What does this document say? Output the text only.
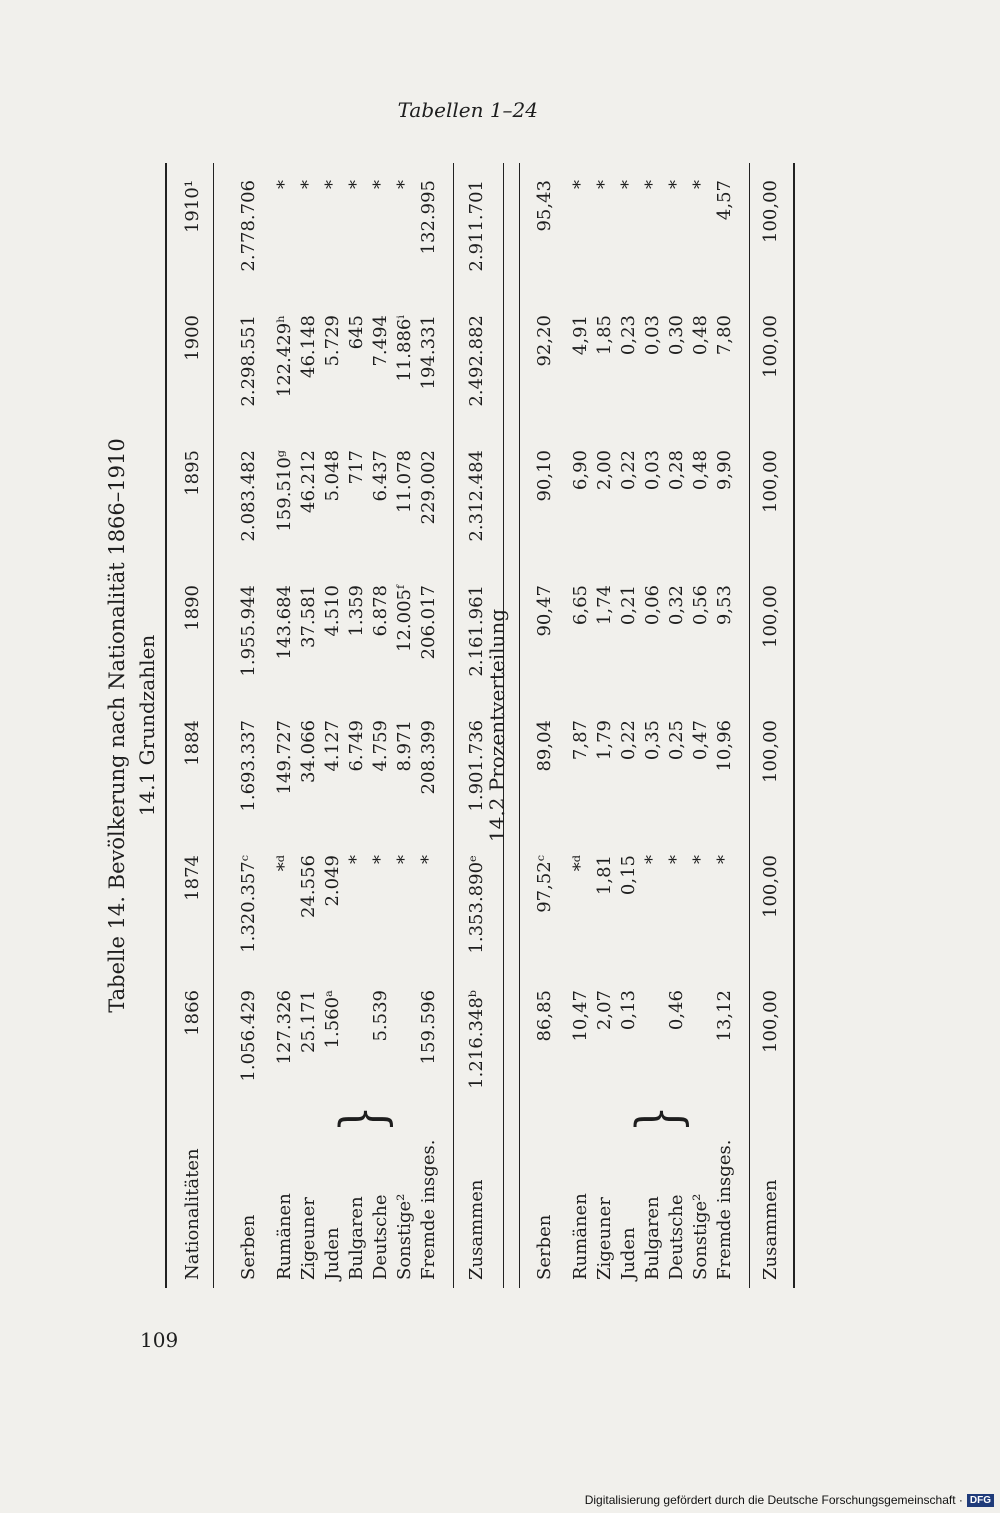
Tabellen 1–24
Tabelle 14. Bevölkerung nach Nationalität 1866–1910
Nationalitäten
1866
1874
1884
1890
1895
1900
1910¹
Serben
1.056.429
1.320.357ᶜ
1.693.337
1.955.944
2.083.482
2.298.551
2.778.706
Rumänen
127.326
*ᵈ
149.727
143.684
159.510ᵍ
122.429ʰ
*
Zigeuner
25.171
24.556
34.066
37.581
46.212
46.148
*
Juden
1.560ᵃ
2.049
4.127
4.510
5.048
5.729
*
Bulgaren
*
6.749
1.359
717
645
*
Deutsche
5.539
*
4.759
6.878
6.437
7.494
*
Sonstige²
*
8.971
12.005ᶠ
11.078
11.886ⁱ
*
Fremde insges.
159.596
*
208.399
206.017
229.002
194.331
132.995
Zusammen
1.216.348ᵇ
1.353.890ᵉ
1.901.736
2.161.961
2.312.484
2.492.882
2.911.701
Serben
86,85
97,52ᶜ
89,04
90,47
90,10
92,20
95,43
Rumänen
10,47
*ᵈ
7,87
6,65
6,90
4,91
*
Zigeuner
2,07
1,81
1,79
1,74
2,00
1,85
*
Juden
0,13
0,15
0,22
0,21
0,22
0,23
*
Bulgaren
*
0,35
0,06
0,03
0,03
*
Deutsche
0,46
*
0,25
0,32
0,28
0,30
*
Sonstige²
*
0,47
0,56
0,48
0,48
*
Fremde insges.
13,12
*
10,96
9,53
9,90
7,80
4,57
Zusammen
100,00
100,00
100,00
100,00
100,00
100,00
100,00
14.1 Grundzahlen
}
14.2 Prozentverteilung
}
109
Digitalisierung gefördert durch die Deutsche Forschungsgemeinschaft · DFG
